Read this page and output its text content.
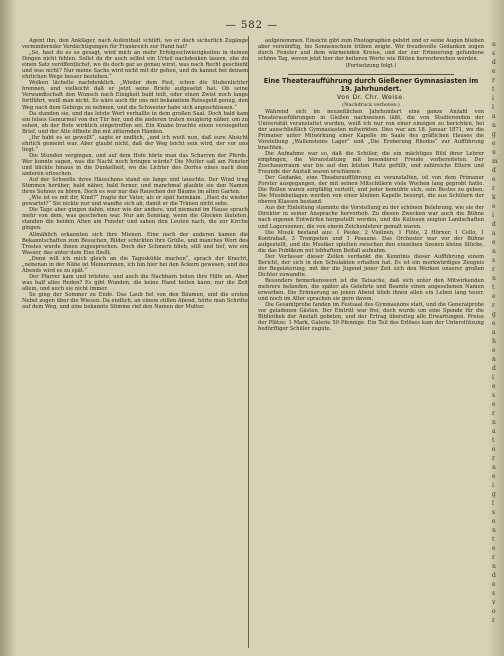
— 582 —

Agent ihn, den Ankläger, nach Aufenthalt schildt, wo er doch sicherlich Zugänge vermindernder Verdächtigungen für Frankreich zur Hand hat?

„So, hast du es so gesagt, wird mich an mehr Erfolgsschwierigkeiten in deinen Dingen nicht fehlen. Sollst du dir auch selbst ein Urteil nachdenken lassen, ehe du einen Satz veröffentlichst, wo du doch gar so genau wirst, was nach Recht geschieht und was nicht? Nur meine Sache wird nicht mit dir gehen, und du kannst bei deinem ehrlichen Wege besser bestehen.“

Wolken lächelte nachdenklich. „Wieder dem Fest, schon die Stubenlichter brennen, und vielleicht daß er jetzt seine Briefe aufgesetzt hat. Ob seine Verwandtschaft den Wunsch nach Einigkeit bald teilt, oder einen Zwist noch lange fortführt, weiß man nicht. Es wäre auch für uns mit bekanntem Reisegeld genug, den Weg nach dem Gebirge zu nehmen, und die Schwester habe sich angeschlossen.“

Da standen sie, und das letzte Wort verhallte in dem großen Saal. Doch bald kam ein leises Gemurmel von der Tür her, und die anderen traten neugierig näher, um zu sehen, ob der Bote wirklich eingetroffen sei. Ein Knabe brachte einen versiegelten Brief, und der Alte öffnete ihn mit zitternden Händen.

„Ihr habt es so gewollt“, sagte er endlich, „und ich weiß nun, daß eure Absicht ehrlich gemeint war. Aber glaubt nicht, daß der Weg leicht sein wird, der vor uns liegt.“

Die Stunden vergingen, und auf dem Hofe hörte man das Scharren der Pferde. Wer konnte sagen, was die Nacht noch bringen würde? Die Mutter saß am Fenster und blickte hinaus in die Dunkelheit, wo die Lichter des Dorfes eines nach dem anderen erloschen.

Auf der Schwelle ihres Häuschens stand sie lange und lauschte. Der Wind trug Stimmen herüber, bald näher, bald ferner, und manchmal glaubte sie den Namen ihres Sohnes zu hören. Doch es war nur das Rauschen der Bäume im alten Garten.

„Wie ist es mit dir, Kind?“ fragte der Vater, als er spät heimkam. „Hast du wieder gewartet?“ Sie nickte nur und wandte sich ab, damit er die Tränen nicht sehe.

Die Tage aber gingen dahin, einer wie der andere, und niemand im Hause sprach mehr von dem, was geschehen war. Nur am Sonntag, wenn die Glocken läuteten, standen die beiden Alten am Fenster und sahen den Leuten nach, die zur Kirche gingen.

Allmählich erkannten sich ihre Mienen. Eine nach der anderen kamen die Bekanntschaften zum Besuchen, Bilder schickten ihre Grüße, und manches Wort des Trostes wurde ihnen zugesprochen. Doch der Schmerz blieb, still und tief, wie ein Wasser, das unter dem Eise fließt.

„Denn will ich mich gleich an die Tageskühle machen“, sprach der Knecht, „nebenan in der Nähe ist Meinerinnen, ich bin hier bei den Äckern gewesen, und des Abends wird es zu spät.“

Der Pfarrer kam und tröstete, und auch die Nachbarn boten ihre Hilfe an. Aber was half alles Reden? Es gibt Wunden, die keine Hand heilen kann, nur die Zeit allein, und auch sie nicht immer.

So ging der Sommer zu Ende. Das Laub fiel von den Bäumen, und die ersten Nebel zogen über die Wiesen. Da endlich, an einem stillen Abend, hörte man Schritte auf dem Weg, und eine bekannte Stimme rief den Namen der Mutter.

aufgenommen. Einsicht gibt zum Photographen gehört und er seine Augen blieben aber vernünftig, bis Sonnenschein trüben zeigte. Wir freudevolle Gedanken zogen durch Fenster und dem wärmenden Kreise, und der zur Erinnerung gefundene schöne Tag, wovon jetzt hier der heiteren Worte wie Blüten hervorbrechen werden.

(Fortsetzung folgt.)
Eine Theateraufführung durch Gießener Gymnasiasten im 19. Jahrhundert.
Von Dr. Chr. Weise.
(Nachdruck verboten.)

Während sich im neuzeitlichen Jahrhundert eine ganze Anzahl von Theaterausführungen in Gießen nachweisen läßt, die von Studierenden der Universität veranstaltet wurden, weiß ich nur von einer einzigen zu berichten, bei der ausschließlich Gymnasiasten mitwirkten. Dies war am 18. Januar 1871, wo die Primaner unter Mitwirkung einer Kapelle im Saale des gräflichen Hauses die Vorstellung „Wallensteins Lager“ und „Die Eroberung Rhodos“ zur Aufführung brachten.

Die Aufnahme war so, daß die Schüler, die ein mächtiges Bild ihrer Lehrer empfingen, die Veranstaltung mit besonderer Freude vorbereiteten. Der Zuschauerraum war bis auf den letzten Platz gefüllt, und zahlreiche Eltern und Freunde der Anstalt waren erschienen.

Der Gedanke, eine Theateraufführung zu veranstalten, ist von dem Primaner Forster ausgegangen, der mit seinen Mitschülern viele Wochen lang geprobt hatte. Die Rollen waren sorgfältig verteilt, und jeder bemühte sich, sein Bestes zu geben. Die Musikbeilagen wurden von einer kleinen Kapelle besorgt, die aus Schülern der oberen Klassen bestand.

Aus der Einleitung stammte die Vorstellung zu der schönen Belehrung, wie sie der Direktor in seiner Ansprache hervorhob. Zu diesen Zwecken war auch die Bühne nach eigenen Entwürfen hergestellt worden, und die Kulissen zeigten Landschaften und Lagerszenen, die von einem Zeichenlehrer gemalt waren.

Die Musik bestand aus: 1 Pauke, 2 Violinen, 1 Flöte, 2 Hörner, 1 Cello, 1 Kontrabaß, 3 Trompeten und 1 Posaune. Das Orchester war vor der Bühne aufgestellt, und die Musiker spielten zwischen den einzelnen Szenen kleine Stücke, die das Publikum mit lebhaftem Beifall aufnahm.

Der Verfasser dieser Zeilen verdankt die Kenntnis dieser Aufführung einem Bericht, der sich in den Schulakten erhalten hat. Es ist ein merkwürdiges Zeugnis der Begeisterung, mit der die Jugend jener Zeit sich den Werken unserer großen Dichter zuwandte.

Besonders bemerkenswert ist die Tatsache, daß sich unter den Mitwirkenden mehrere befanden, die später als Gelehrte und Beamte einen angesehenen Namen erwarben. Die Erinnerung an jenen Abend blieb ihnen allen ein Leben lang teuer, und noch im Alter sprachen sie gern davon.

Die Gesamtprobe fanden im Festsaal des Gymnasiums statt, und die Generalprobe vor geladenen Gästen. Der Eintritt war frei, doch wurde um eine Spende für die Bibliothek der Anstalt gebeten, und der Ertrag überstieg alle Erwartungen. Preise der Plätze: 1 Mark, Galerie 50 Pfennige. Ein Teil des Erlöses kam der Unterstützung bedürftiger Schüler zugute.

n
s
d
e
r
t
i
l
a
n
g
e
u
m
d
e
r
k
e
i
d
a
e
n
s
r
n
t
e
r
g
e
a
h
e
n
d
i
e
s
e
r
n
a
t
e
r
n
e
i
g
l
s
e
n
t
e
r
n
d
e
s
v
o
r
